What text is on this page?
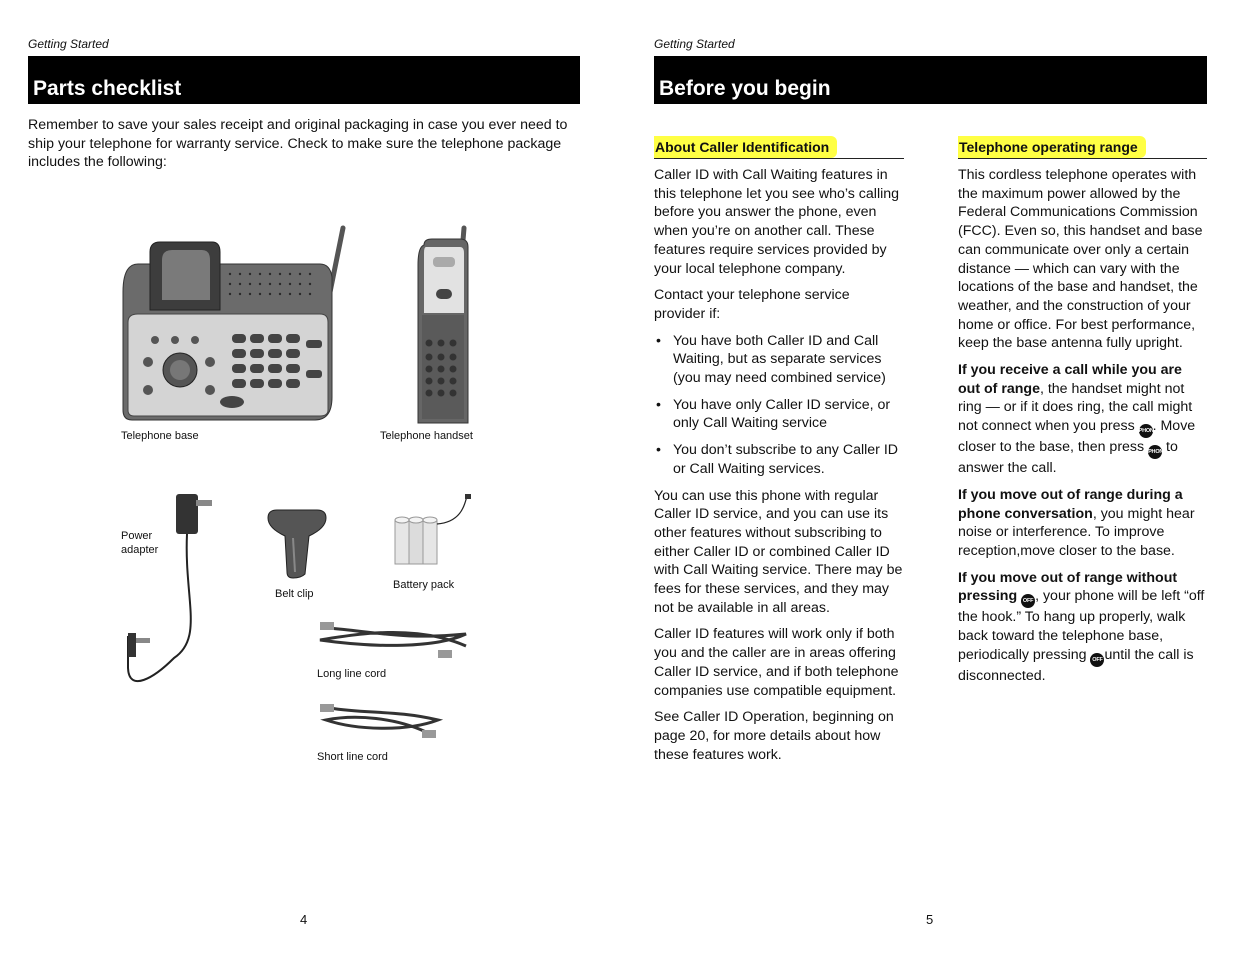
Getting Started
Parts checklist
Remember to save your sales receipt and original packaging in case you ever need to ship your telephone for warranty service. Check to make sure the telephone package includes the following:
Telephone base	Telephone handset
Power
adapter
Belt clip
Battery pack
Long line cord
Short line cord
4
Getting Started
Before you begin
About Caller Identification

Caller ID with Call Waiting features in this telephone let you see who’s calling before you answer the phone, even when you’re on another call. These features require services provided by your local telephone company.

Contact your telephone service provider if:

• You have both Caller ID and Call Waiting, but as separate services (you may need combined service)
• You have only Caller ID service, or only Call Waiting service
• You don’t subscribe to any Caller ID or Call Waiting services.

You can use this phone with regular Caller ID service, and you can use its other features without subscribing to either Caller ID or combined Caller ID with Call Waiting service. There may be fees for these services, and they may not be available in all areas.

Caller ID features will work only if both you and the caller are in areas offering Caller ID service, and if both telephone companies use compatible equipment.

See Caller ID Operation, beginning on page 20, for more details about how these features work.

Telephone operating range

This cordless telephone operates with the maximum power allowed by the Federal Communications Commission (FCC). Even so, this handset and base can communicate over only a certain distance — which can vary with the locations of the base and handset, the weather, and the construction of your home or office. For best performance, keep the base antenna fully upright.

If you receive a call while you are out of range, the handset might not ring — or if it does ring, the call might not connect when you press PHONE. Move closer to the base, then press PHONE to answer the call.

If you move out of range during a phone conversation, you might hear noise or interference. To improve reception,move closer to the base.

If you move out of range without pressing OFF , your phone will be left “off the hook.” To hang up properly, walk back toward the telephone base, periodically pressing OFF until the call is disconnected.

5
